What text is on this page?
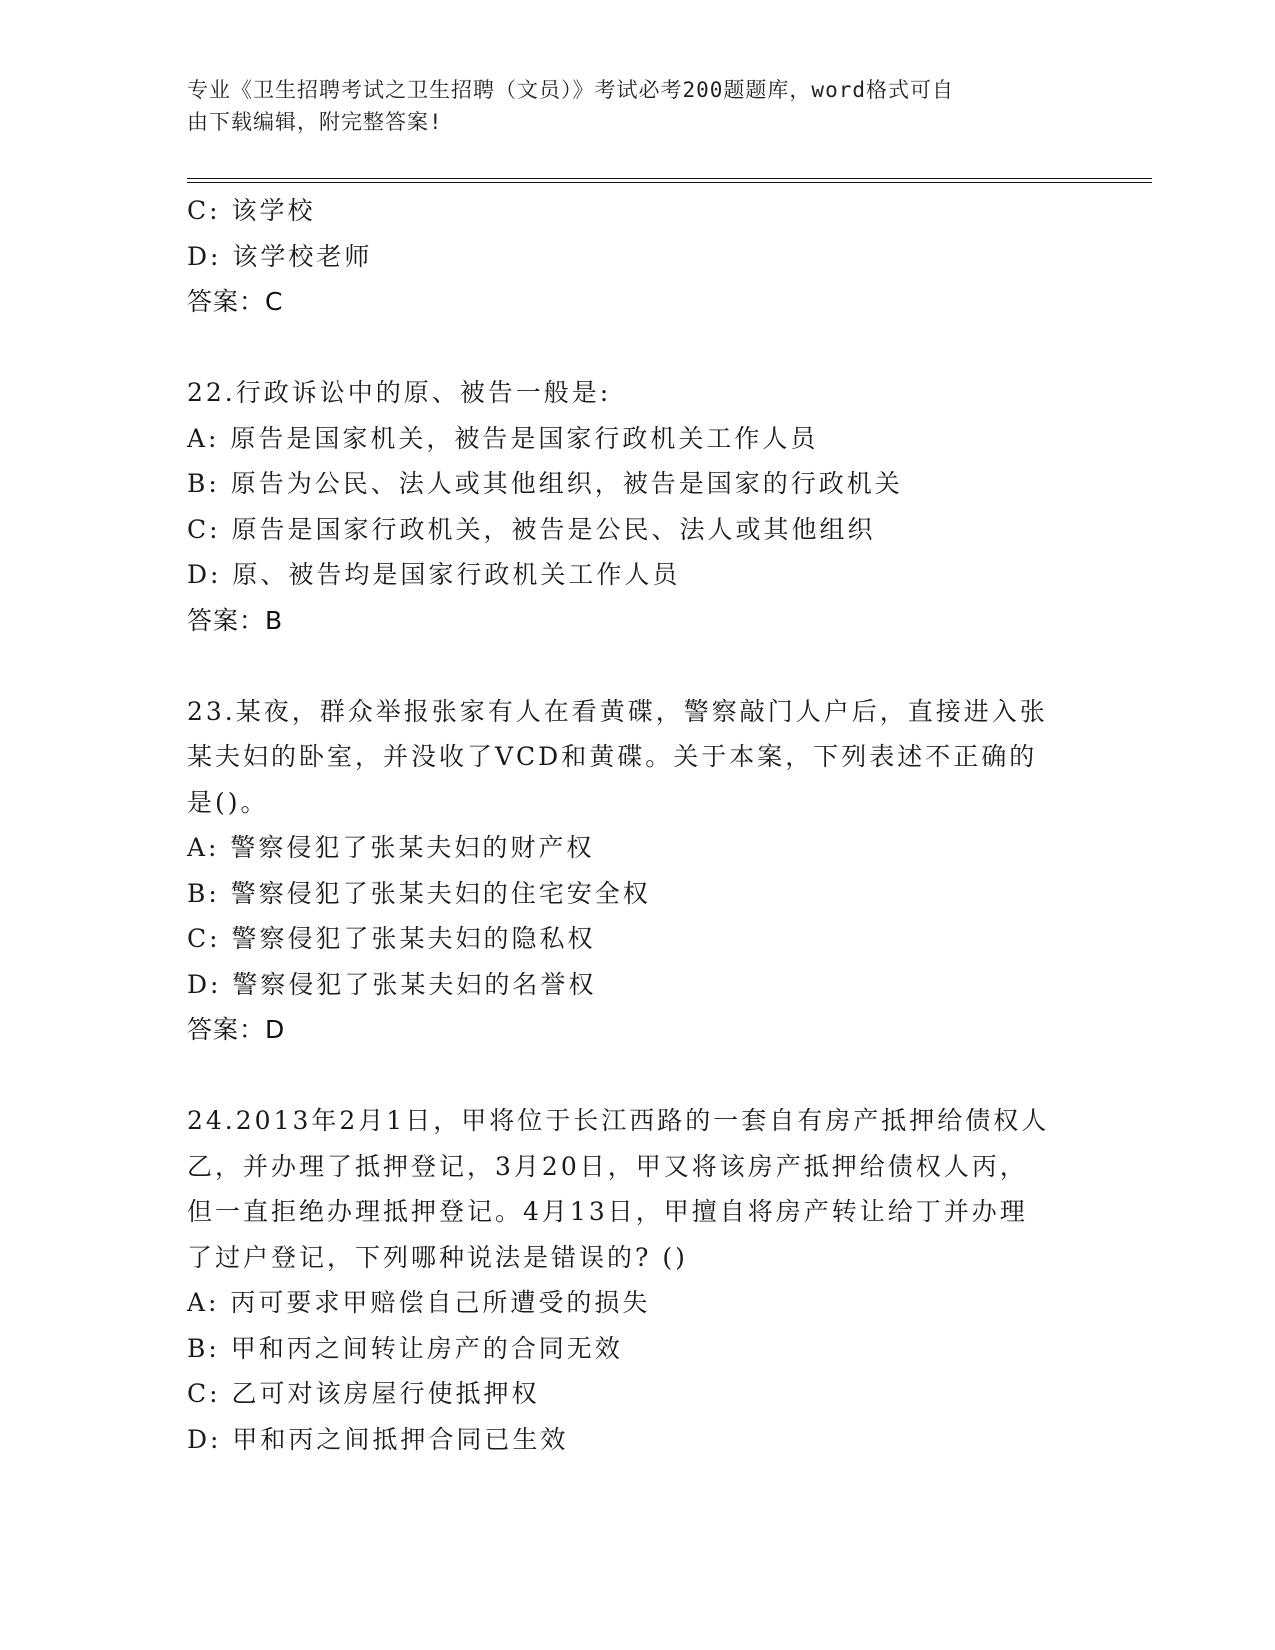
专业《卫生招聘考试之卫生招聘（文员）》考试必考200题题库，word格式可自
由下载编辑，附完整答案!
C: 该学校
D: 该学校老师
答案：C
22.行政诉讼中的原、被告一般是:
A: 原告是国家机关，被告是国家行政机关工作人员
B: 原告为公民、法人或其他组织，被告是国家的行政机关
C: 原告是国家行政机关，被告是公民、法人或其他组织
D: 原、被告均是国家行政机关工作人员
答案：B
23.某夜，群众举报张家有人在看黄碟，警察敲门人户后，直接进入张
某夫妇的卧室，并没收了VCD和黄碟。关于本案，下列表述不正确的
是()。
A: 警察侵犯了张某夫妇的财产权
B: 警察侵犯了张某夫妇的住宅安全权
C: 警察侵犯了张某夫妇的隐私权
D: 警察侵犯了张某夫妇的名誉权
答案：D
24.2013年2月1日，甲将位于长江西路的一套自有房产抵押给债权人
乙，并办理了抵押登记，3月20日，甲又将该房产抵押给债权人丙，
但一直拒绝办理抵押登记。4月13日，甲擅自将房产转让给丁并办理
了过户登记，下列哪种说法是错误的? ()
A: 丙可要求甲赔偿自己所遭受的损失
B: 甲和丙之间转让房产的合同无效
C: 乙可对该房屋行使抵押权
D: 甲和丙之间抵押合同已生效
